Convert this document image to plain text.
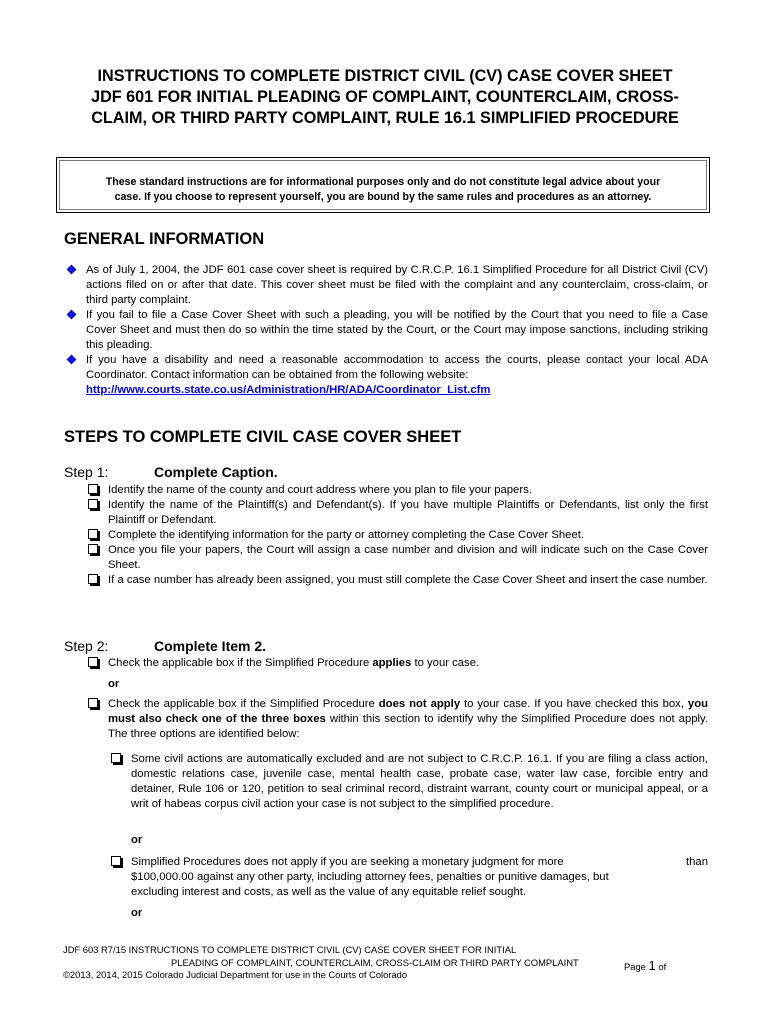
INSTRUCTIONS TO COMPLETE DISTRICT CIVIL (CV) CASE COVER SHEET
JDF 601 FOR INITIAL PLEADING OF COMPLAINT, COUNTERCLAIM, CROSS-
CLAIM, OR THIRD PARTY COMPLAINT, RULE 16.1 SIMPLIFIED PROCEDURE
These standard instructions are for informational purposes only and do not constitute legal advice about your
case. If you choose to represent yourself, you are bound by the same rules and procedures as an attorney.
GENERAL INFORMATION
As of July 1, 2004, the JDF 601 case cover sheet is required by C.R.C.P. 16.1 Simplified Procedure for all District Civil (CV) actions filed on or after that date. This cover sheet must be filed with the complaint and any counterclaim, cross-claim, or third party complaint.
If you fail to file a Case Cover Sheet with such a pleading, you will be notified by the Court that you need to file a Case Cover Sheet and must then do so within the time stated by the Court, or the Court may impose sanctions, including striking this pleading.
If you have a disability and need a reasonable accommodation to access the courts, please contact your local ADA Coordinator. Contact information can be obtained from the following website:
http://www.courts.state.co.us/Administration/HR/ADA/Coordinator_List.cfm
STEPS TO COMPLETE CIVIL CASE COVER SHEET
Step 1:	Complete Caption.
Identify the name of the county and court address where you plan to file your papers.
Identify the name of the Plaintiff(s) and Defendant(s). If you have multiple Plaintiffs or Defendants, list only the first Plaintiff or Defendant.
Complete the identifying information for the party or attorney completing the Case Cover Sheet.
Once you file your papers, the Court will assign a case number and division and will indicate such on the Case Cover Sheet.
If a case number has already been assigned, you must still complete the Case Cover Sheet and insert the case number.
Step 2:	Complete Item 2.
Check the applicable box if the Simplified Procedure applies to your case.
or
Check the applicable box if the Simplified Procedure does not apply to your case. If you have checked this box, you must also check one of the three boxes within this section to identify why the Simplified Procedure does not apply. The three options are identified below:
Some civil actions are automatically excluded and are not subject to C.R.C.P. 16.1. If you are filing a class action, domestic relations case, juvenile case, mental health case, probate case, water law case, forcible entry and detainer, Rule 106 or 120, petition to seal criminal record, distraint warrant, county court or municipal appeal, or a writ of habeas corpus civil action your case is not subject to the simplified procedure.
or
Simplified Procedures does not apply if you are seeking a monetary judgment for more	than

$100,000.00 against any other party, including attorney fees, penalties or punitive damages, but
excluding interest and costs, as well as the value of any equitable relief sought.
or
JDF 603 R7/15 INSTRUCTIONS TO COMPLETE DISTRICT CIVIL (CV) CASE COVER SHEET FOR INITIAL
PLEADING OF COMPLAINT, COUNTERCLAIM, CROSS-CLAIM OR THIRD PARTY COMPLAINT
©2013, 2014, 2015 Colorado Judicial Department for use in the Courts of Colorado
Page 1 of
